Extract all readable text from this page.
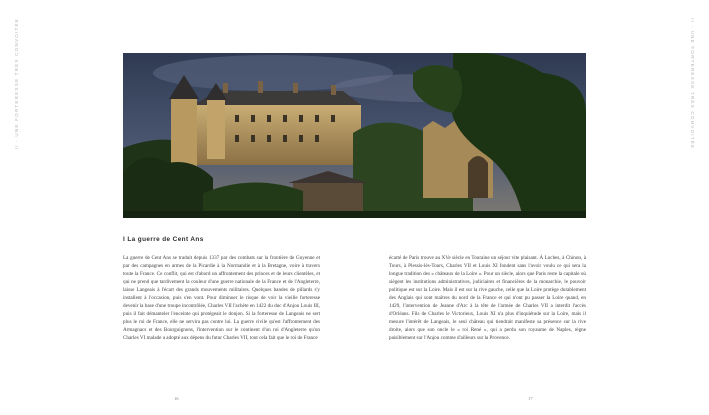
II · UNE FORTERESSE TRÈS CONVOITÉE	II · UNE FORTERESSE TRÈS CONVOITÉE
I La guerre de Cent Ans

La guerre de Cent Ans se traduit depuis 1337 par des combats sur la frontière de Guyenne et par des campagnes en armes de la Picardie à la Normandie et à la Bretagne, voire à travers toute la France. Ce conflit, qui est d'abord un affrontement des princes et de leurs clientèles, et qui ne prend que tardivement la couleur d'une guerre nationale de la France et de l'Angleterre, laisse Langeais à l'écart des grands mouvements militaires. Quelques bandes de pillards s'y installent à l'occasion, puis s'en vont. Pour diminuer le risque de voir la vieille forteresse devenir la base d'une troupe incontrôlée, Charles VII l'achète en 1422 du duc d'Anjou Louis III, puis il fait démanteler l'enceinte qui protégeait le donjon. Si la forteresse de Langeais ne sert plus le roi de France, elle ne servira pas contre lui. La guerre civile qu'est l'affrontement des Armagnacs et des Bourguignons, l'intervention sur le continent d'un roi d'Angleterre qu'un Charles VI malade a adopté aux dépens du futur Charles VII, tout cela fait que le roi de France

écarté de Paris trouve au XVe siècle en Touraine un séjour vite plaisant. À Loches, à Chinon, à Tours, à Plessis-lès-Tours, Charles VII et Louis XI fondent sans l'avoir voulu ce qui sera la longue tradition des « châteaux de la Loire ». Pour un siècle, alors que Paris reste la capitale où siègent les institutions administratives, judiciaires et financières de la monarchie, le pouvoir politique est sur la Loire. Mais il est sur la rive gauche, celle que la Loire protège durablement des Anglais qui sont maîtres du nord de la France et qui n'ont pu passer la Loire quand, en 1429, l'intervention de Jeanne d'Arc à la tête de l'armée de Charles VII a interdit l'accès d'Orléans. Fils de Charles le Victorieux, Louis XI n'a plus d'inquiétude sur la Loire, mais il mesure l'intérêt de Langeais, le seul château qui tiendrait manifeste sa présence sur la rive droite, alors que son oncle le « roi René », qui a perdu son royaume de Naples, règne paisiblement sur l'Anjou comme d'ailleurs sur la Provence.

16	17
